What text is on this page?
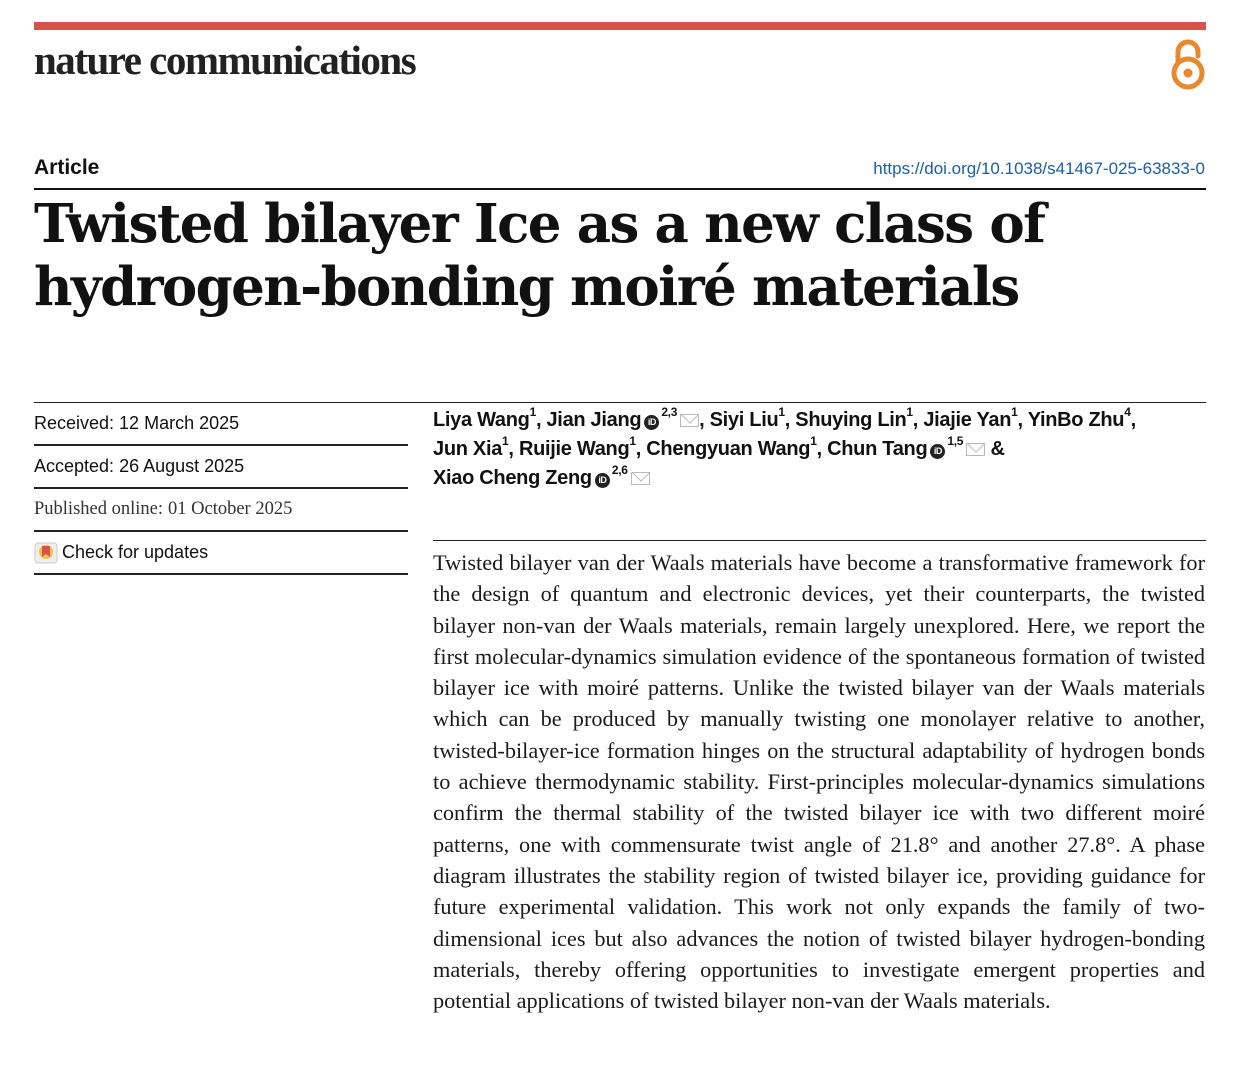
nature communications
Article	https://doi.org/10.1038/s41467-025-63833-0
Twisted bilayer Ice as a new class of
hydrogen-bonding moiré materials
Received: 12 March 2025
Accepted: 26 August 2025
Published online: 01 October 2025
Check for updates
Liya Wang$^1$, Jian Jiang iD$^{2,3}$ , Siyi Liu$^1$, Shuying Lin$^1$, Jiajie Yan$^1$, YinBo Zhu$^4$,
Jun Xia$^1$, Ruijie Wang$^1$, Chengyuan Wang$^1$, Chun Tang iD$^{1,5}$ &
Xiao Cheng Zeng iD$^{2,6}$

Twisted bilayer van der Waals materials have become a transformative framework for the design of quantum and electronic devices, yet their counterparts, the twisted bilayer non-van der Waals materials, remain largely unexplored. Here, we report the first molecular-dynamics simulation evidence of the spontaneous formation of twisted bilayer ice with moiré patterns. Unlike the twisted bilayer van der Waals materials which can be produced by manually twisting one monolayer relative to another, twisted-bilayer-ice formation hinges on the structural adaptability of hydrogen bonds to achieve thermodynamic stability. First-principles molecular-dynamics simulations confirm the thermal stability of the twisted bilayer ice with two different moiré patterns, one with commensurate twist angle of 21.8° and another 27.8°. A phase diagram illustrates the stability region of twisted bilayer ice, providing guidance for future experimental validation. This work not only expands the family of two-dimensional ices but also advances the notion of twisted bilayer hydrogen-bonding materials, thereby offering opportunities to investigate emergent properties and potential applications of twisted bilayer non-van der Waals materials.
